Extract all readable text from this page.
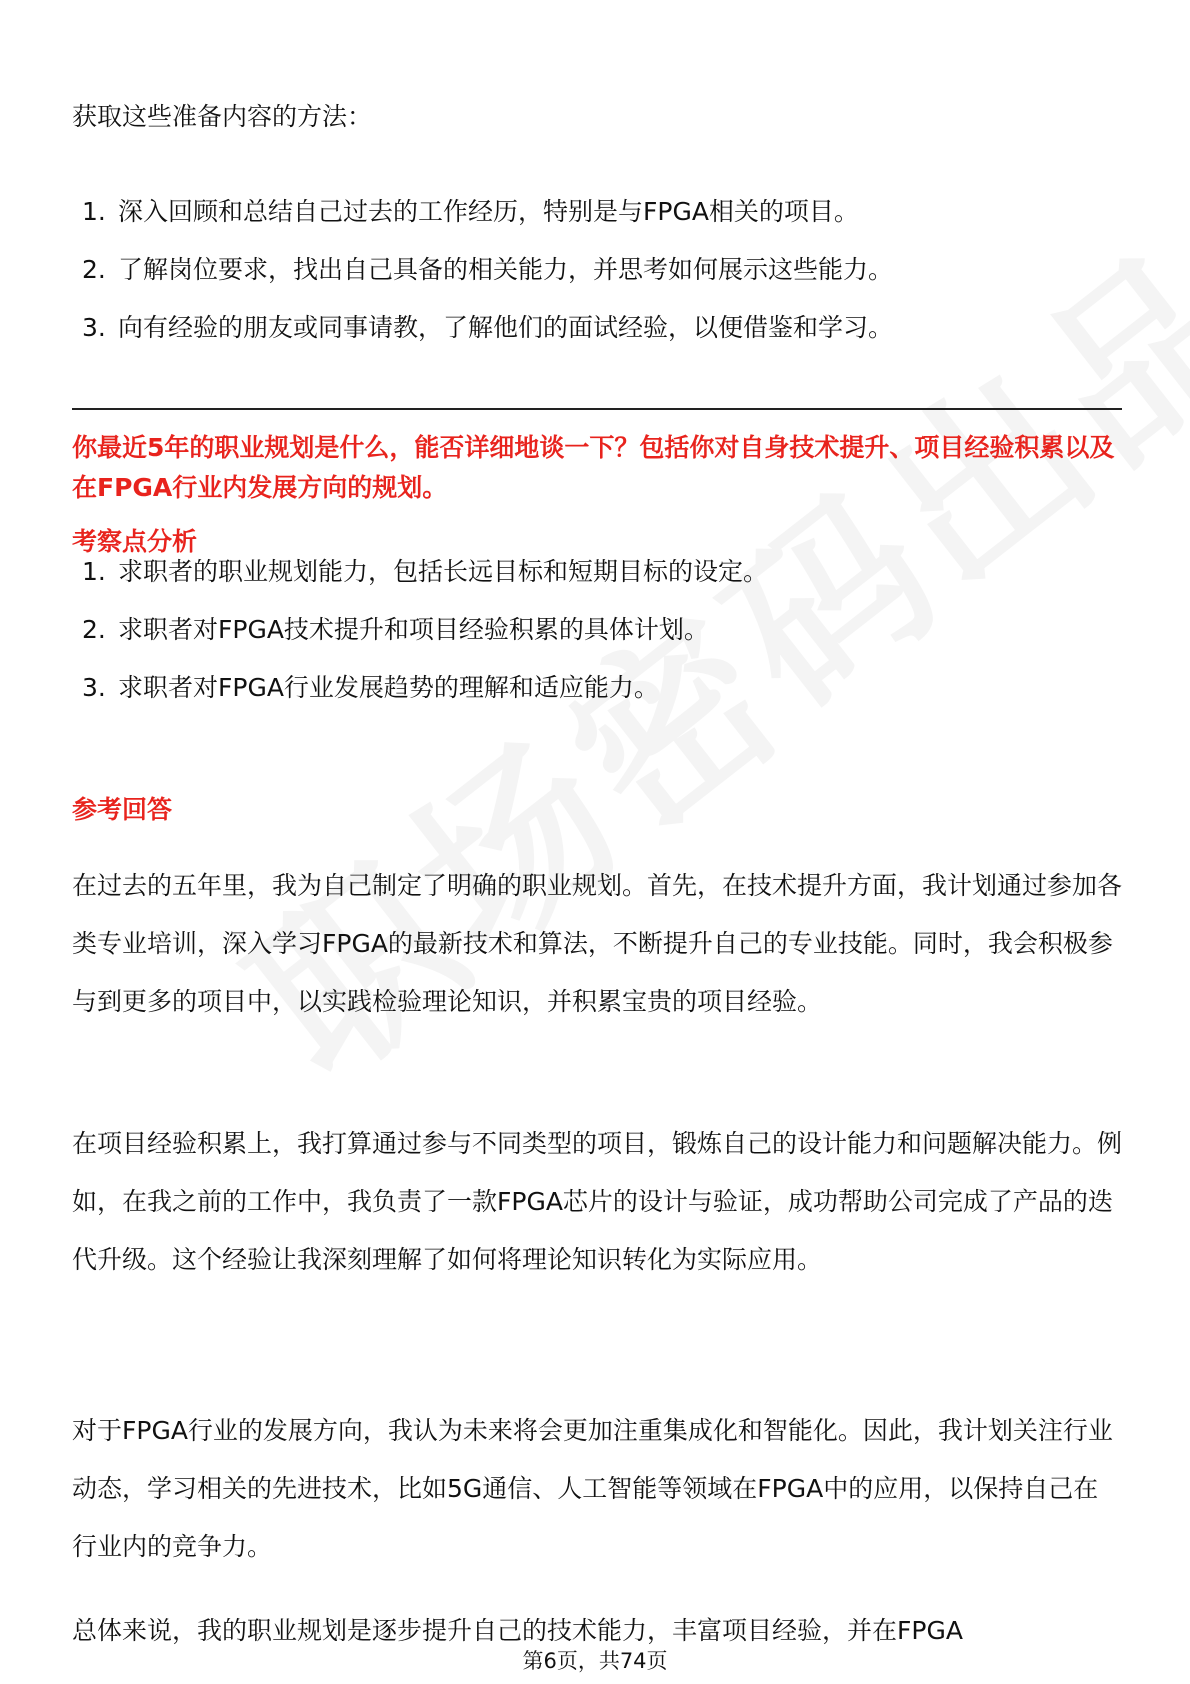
获取这些准备内容的方法：

1. 深入回顾和总结自己过去的工作经历，特别是与FPGA相关的项目。
2. 了解岗位要求，找出自己具备的相关能力，并思考如何展示这些能力。
3. 向有经验的朋友或同事请教，了解他们的面试经验，以便借鉴和学习。

你最近5年的职业规划是什么，能否详细地谈一下？包括你对自身技术提升、项目经验积累以及在FPGA行业内发展方向的规划。

考察点分析
1. 求职者的职业规划能力，包括长远目标和短期目标的设定。
2. 求职者对FPGA技术提升和项目经验积累的具体计划。
3. 求职者对FPGA行业发展趋势的理解和适应能力。
参考回答

在过去的五年里，我为自己制定了明确的职业规划。首先，在技术提升方面，我计划通过参加各类专业培训，深入学习FPGA的最新技术和算法，不断提升自己的专业技能。同时，我会积极参与到更多的项目中，以实践检验理论知识，并积累宝贵的项目经验。

在项目经验积累上，我打算通过参与不同类型的项目，锻炼自己的设计能力和问题解决能力。例如，在我之前的工作中，我负责了一款FPGA芯片的设计与验证，成功帮助公司完成了产品的迭代升级。这个经验让我深刻理解了如何将理论知识转化为实际应用。

对于FPGA行业的发展方向，我认为未来将会更加注重集成化和智能化。因此，我计划关注行业动态，学习相关的先进技术，比如5G通信、人工智能等领域在FPGA中的应用，以保持自己在行业内的竞争力。

总体来说，我的职业规划是逐步提升自己的技术能力，丰富项目经验，并在FPGA

第6页，共74页
